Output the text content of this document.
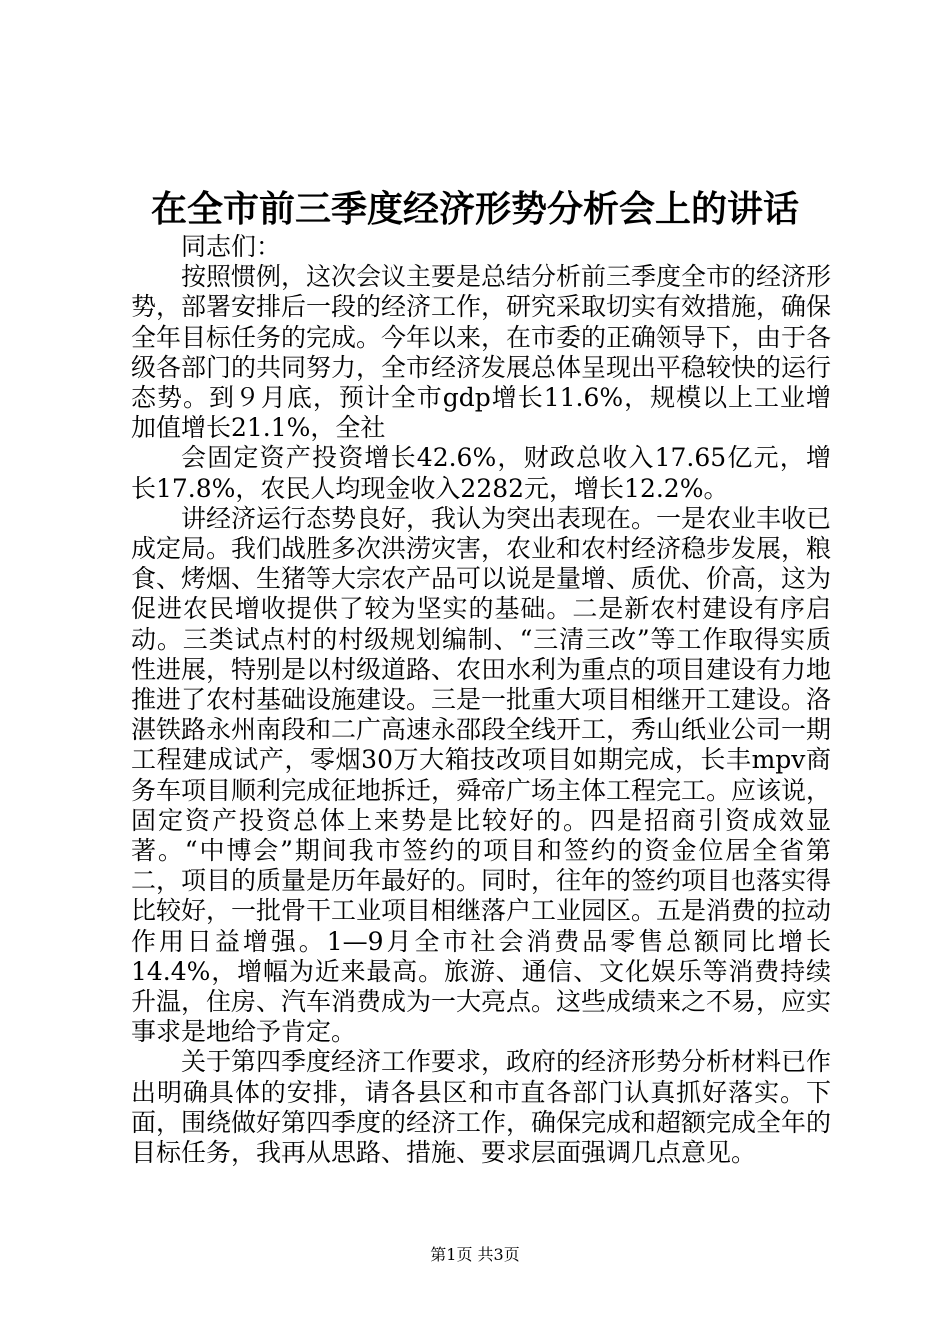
在全市前三季度经济形势分析会上的讲话

同志们：

按照惯例，这次会议主要是总结分析前三季度全市的经济形势，部署安排后一段的经济工作，研究采取切实有效措施，确保全年目标任务的完成。今年以来，在市委的正确领导下，由于各级各部门的共同努力，全市经济发展总体呈现出平稳较快的运行态势。到９月底，预计全市gdp增长11.6%，规模以上工业增加值增长21.1%，全社

会固定资产投资增长42.6%，财政总收入17.65亿元，增长17.8%，农民人均现金收入2282元，增长12.2%。

讲经济运行态势良好，我认为突出表现在。一是农业丰收已成定局。我们战胜多次洪涝灾害，农业和农村经济稳步发展，粮食、烤烟、生猪等大宗农产品可以说是量增、质优、价高，这为促进农民增收提供了较为坚实的基础。二是新农村建设有序启动。三类试点村的村级规划编制、“三清三改”等工作取得实质性进展，特别是以村级道路、农田水利为重点的项目建设有力地推进了农村基础设施建设。三是一批重大项目相继开工建设。洛湛铁路永州南段和二广高速永邵段全线开工，秀山纸业公司一期工程建成试产，零烟30万大箱技改项目如期完成，长丰mpv商务车项目顺利完成征地拆迁，舜帝广场主体工程完工。应该说，固定资产投资总体上来势是比较好的。四是招商引资成效显著。“中博会”期间我市签约的项目和签约的资金位居全省第二，项目的质量是历年最好的。同时，往年的签约项目也落实得比较好，一批骨干工业项目相继落户工业园区。五是消费的拉动作用日益增强。1—9月全市社会消费品零售总额同比增长14.4%，增幅为近来最高。旅游、通信、文化娱乐等消费持续升温，住房、汽车消费成为一大亮点。这些成绩来之不易，应实事求是地给予肯定。

关于第四季度经济工作要求，政府的经济形势分析材料已作出明确具体的安排，请各县区和市直各部门认真抓好落实。下面，围绕做好第四季度的经济工作，确保完成和超额完成全年的目标任务，我再从思路、措施、要求层面强调几点意见。

第1页 共3页
